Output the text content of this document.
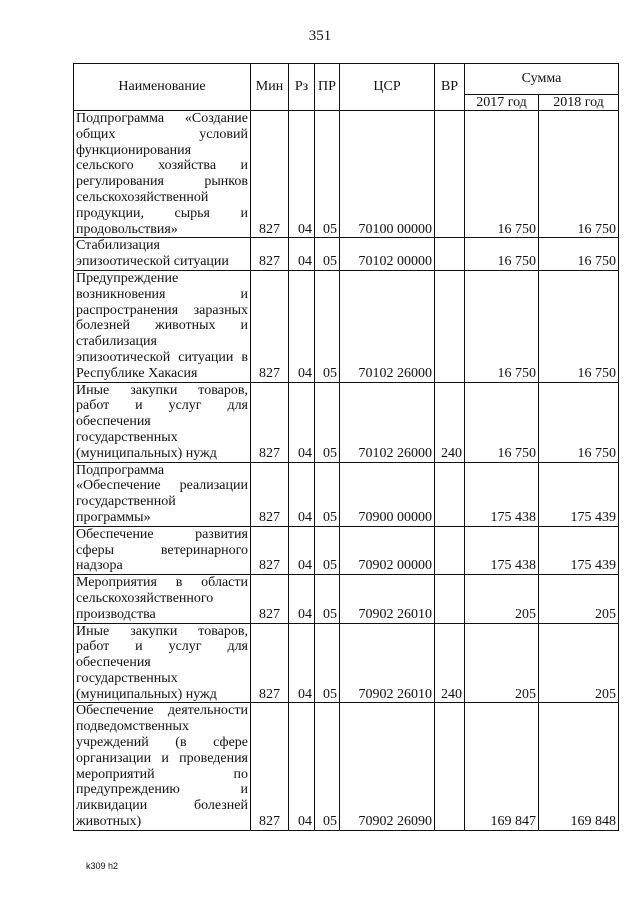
351
Наименование	Мин	Рз	ПР	ЦСР	ВР	Сумма	
						2017 год	2018 год
Подпрограмма «Создание общих условий функционирования сельского хозяйства и регулирования рынков сельскохозяйственной продукции, сырья и продовольствия»	827	04	05	70100 00000		16 750	16 750
Стабилизация эпизоотической ситуации	827	04	05	70102 00000		16 750	16 750
Предупреждение возникновения и распространения заразных болезней животных и стабилизация эпизоотической ситуации в Республике Хакасия	827	04	05	70102 26000		16 750	16 750
Иные закупки товаров, работ и услуг для обеспечения государственных (муниципальных) нужд	827	04	05	70102 26000	240	16 750	16 750
Подпрограмма «Обеспечение реализации государственной программы»	827	04	05	70900 00000		175 438	175 439
Обеспечение развития сферы ветеринарного надзора	827	04	05	70902 00000		175 438	175 439
Мероприятия в области сельскохозяйственного производства	827	04	05	70902 26010		205	205
Иные закупки товаров, работ и услуг для обеспечения государственных (муниципальных) нужд	827	04	05	70902 26010	240	205	205
Обеспечение деятельности подведомственных учреждений (в сфере организации и проведения мероприятий по предупреждению и ликвидации болезней животных)	827	04	05	70902 26090		169 847	169 848
k309 h2
